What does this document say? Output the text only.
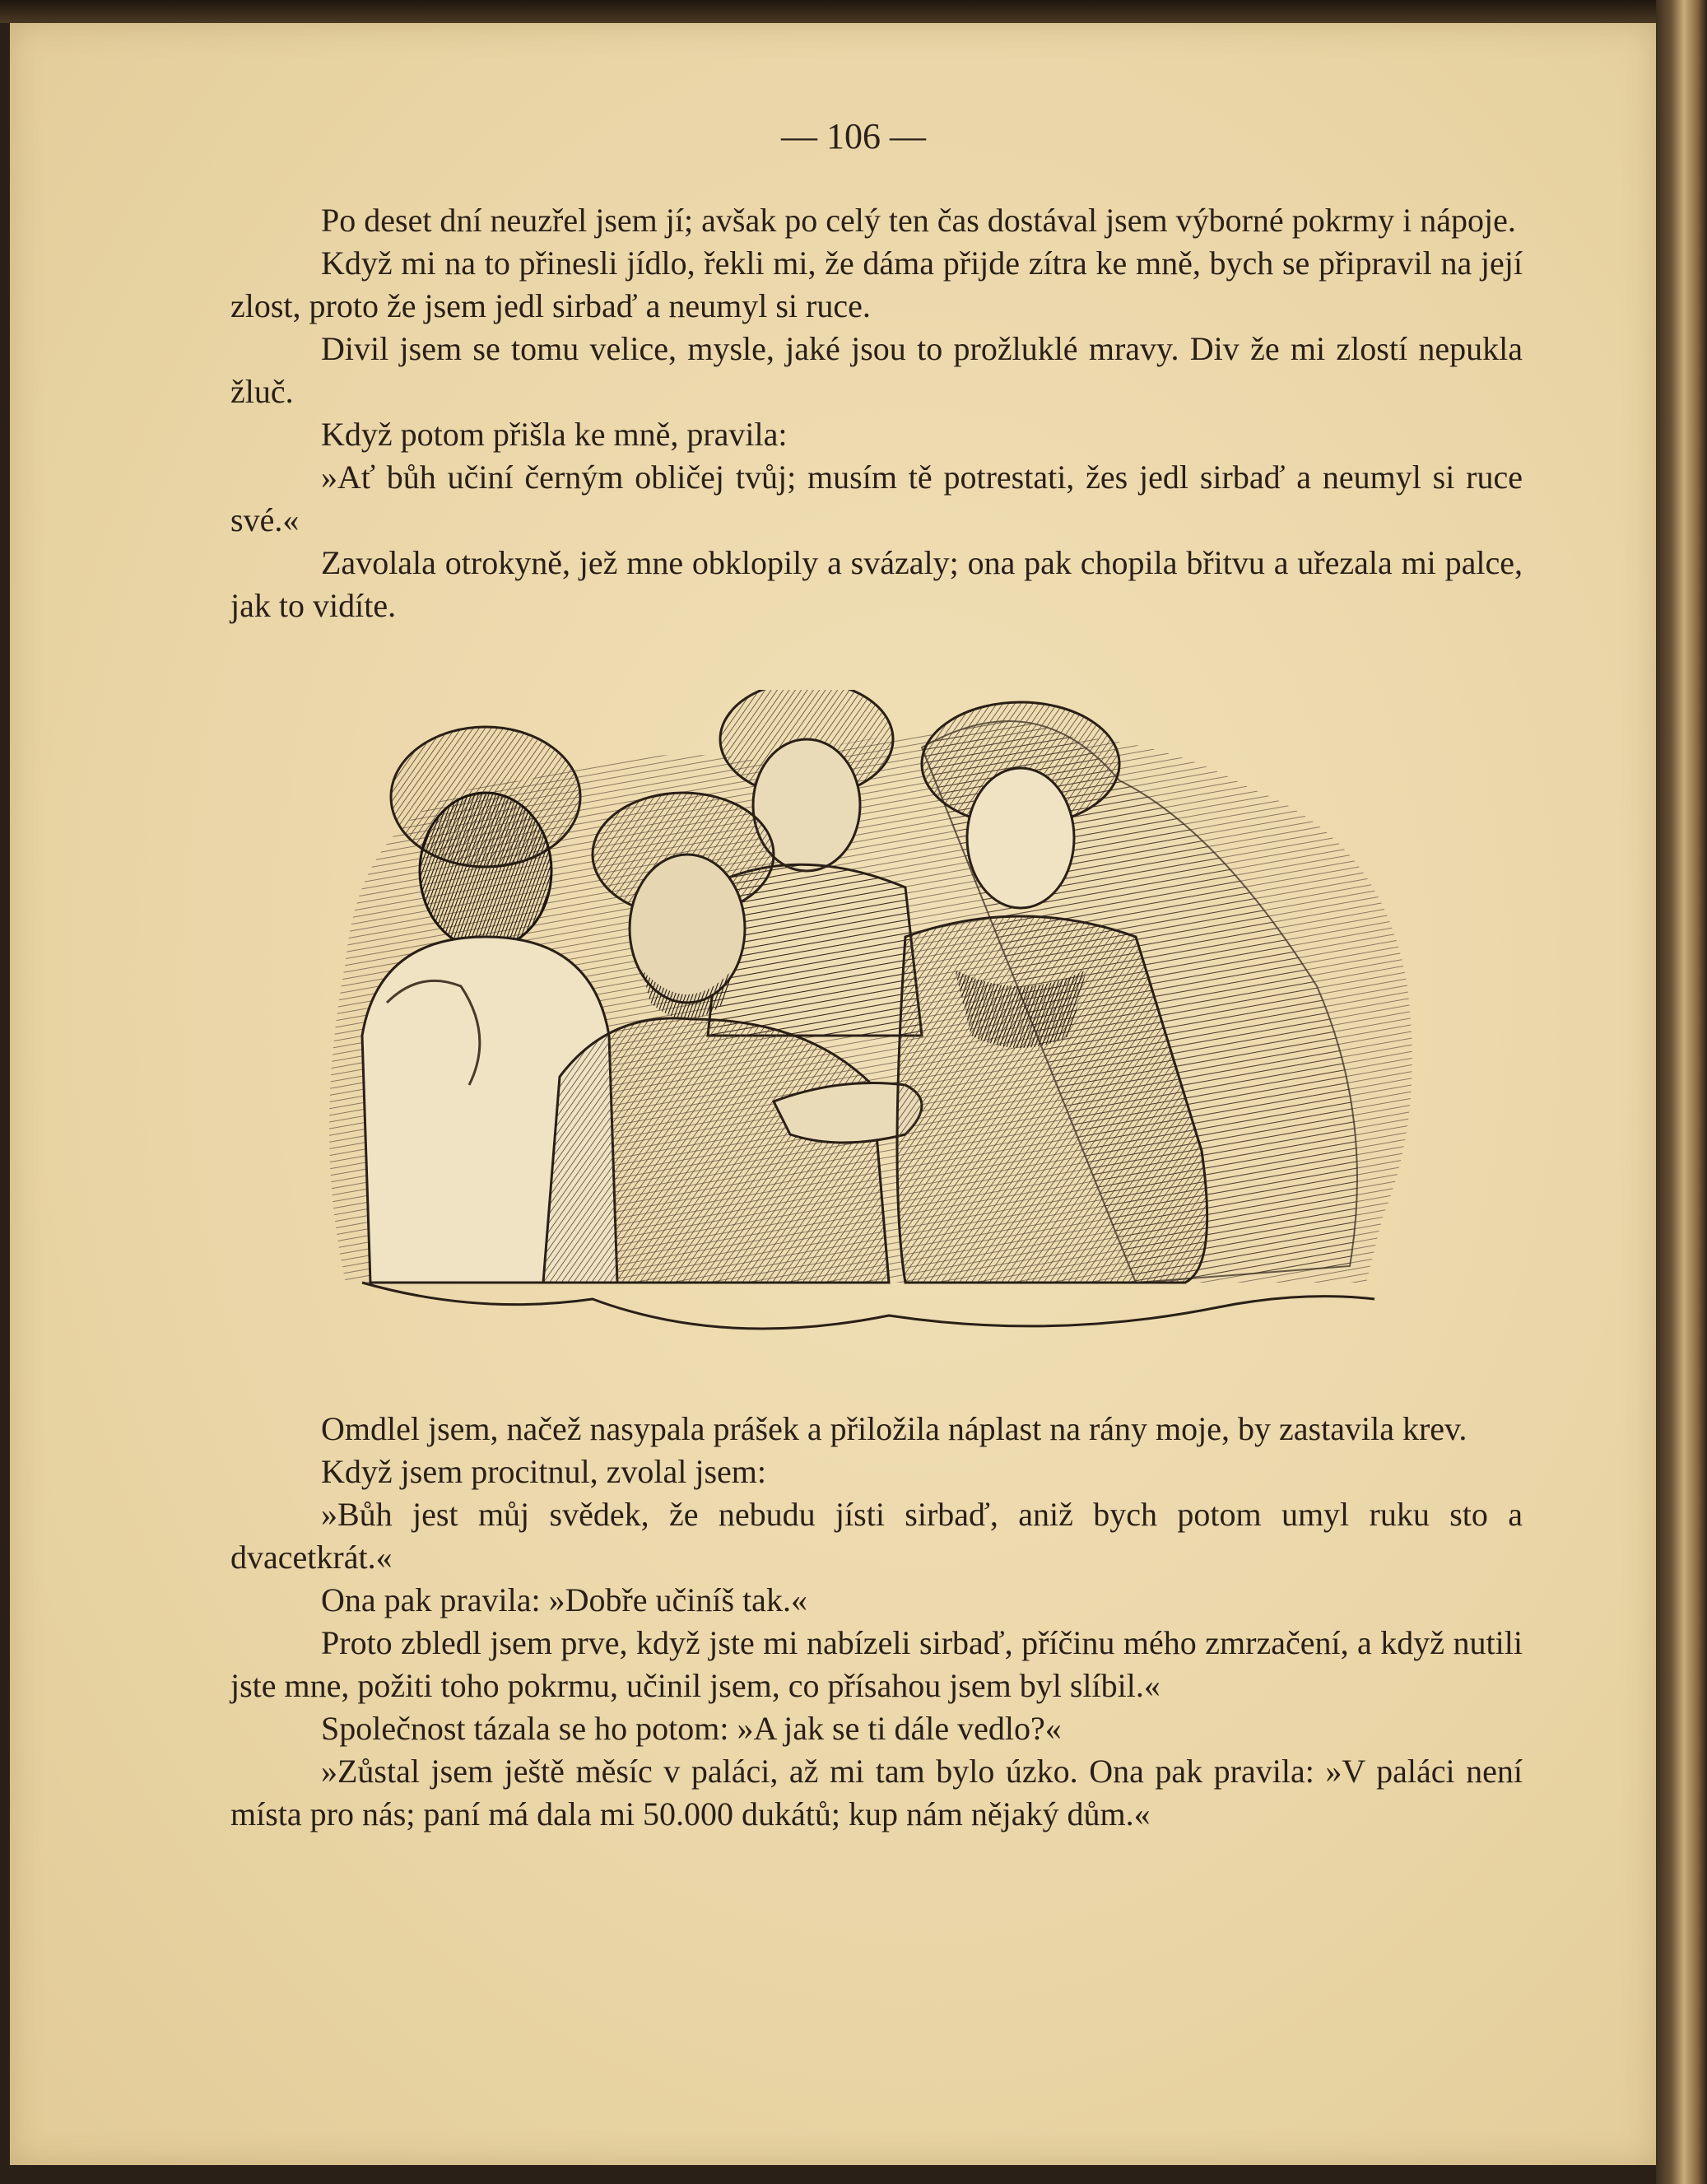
— 106 —

Po deset dní neuzřel jsem jí; avšak po celý ten čas dostával jsem výborné pokrmy i nápoje.

Když mi na to přinesli jídlo, řekli mi, že dáma přijde zítra ke mně, bych se připravil na její zlost, proto že jsem jedl sirbaď a neumyl si ruce.

Divil jsem se tomu velice, mysle, jaké jsou to prožluklé mravy. Div že mi zlostí nepukla žluč.

Když potom přišla ke mně, pravila:

»Ať bůh učiní černým obličej tvůj; musím tě potrestati, žes jedl sirbaď a neumyl si ruce své.«

Zavolala otrokyně, jež mne obklopily a svázaly; ona pak chopila břitvu a uřezala mi palce, jak to vidíte.

Omdlel jsem, načež nasypala prášek a přiložila náplast na rány moje, by zastavila krev.

Když jsem procitnul, zvolal jsem:

»Bůh jest můj svědek, že nebudu jísti sirbaď, aniž bych potom umyl ruku sto a dvacetkrát.«

Ona pak pravila: »Dobře učiníš tak.«

Proto zbledl jsem prve, když jste mi nabízeli sirbaď, příčinu mého zmrzačení, a když nutili jste mne, požiti toho pokrmu, učinil jsem, co přísahou jsem byl slíbil.«

Společnost tázala se ho potom: »A jak se ti dále vedlo?«

»Zůstal jsem ještě měsíc v paláci, až mi tam bylo úzko. Ona pak pravila: »V paláci není místa pro nás; paní má dala mi 50.000 dukátů; kup nám nějaký dům.«
